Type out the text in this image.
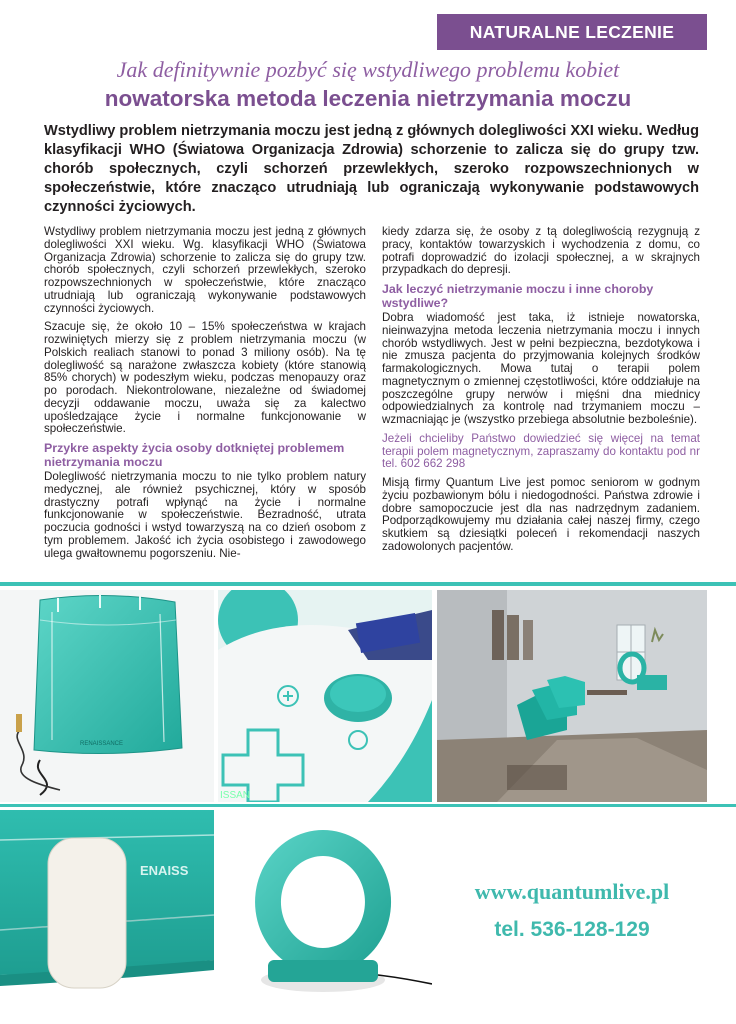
NATURALNE LECZENIE
Jak definitywnie pozbyć się wstydliwego problemu kobiet
nowatorska metoda leczenia nietrzymania moczu
Wstydliwy problem nietrzymania moczu jest jedną z głównych dolegliwości XXI wieku. Według klasyfikacji WHO (Światowa Organizacja Zdrowia) schorzenie to zalicza się do grupy tzw. chorób społecznych, czyli schorzeń przewlekłych, szeroko rozpowszechnionych w społeczeństwie, które znacząco utrudniają lub ograniczają wykonywanie podstawowych czynności życiowych.

Wstydliwy problem nietrzymania moczu jest jedną z głównych dolegliwości XXI wieku. Wg. klasyfikacji WHO (Światowa Organizacja Zdrowia) schorzenie to zalicza się do grupy tzw. chorób społecznych, czyli schorzeń przewlekłych, szeroko rozpowszechnionych w społeczeństwie, które znacząco utrudniają lub ograniczają wykonywanie podstawowych czynności życiowych.

Szacuje się, że około 10 – 15% społeczeństwa w krajach rozwiniętych mierzy się z problem nietrzymania moczu (w Polskich realiach stanowi to ponad 3 miliony osób). Na tę dolegliwość są narażone zwłaszcza kobiety (które stanowią 85% chorych) w podeszłym wieku, podczas menopauzy oraz po porodach. Niekontrolowane, niezależne od świadomej decyzji oddawanie moczu, uważa się za kalectwo upośledzające życie i normalne funkcjonowanie w społeczeństwie.

Przykre aspekty życia osoby dotkniętej problemem nietrzymania moczu

Dolegliwość nietrzymania moczu to nie tylko problem natury medycznej, ale również psychicznej, który w sposób drastyczny potrafi wpłynąć na życie i normalne funkcjonowanie w społeczeństwie. Bezradność, utrata poczucia godności i wstyd towarzyszą na co dzień osobom z tym problemem. Jakość ich życia osobistego i zawodowego ulega gwałtownemu pogorszeniu. Nie-

kiedy zdarza się, że osoby z tą dolegliwością rezygnują z pracy, kontaktów towarzyskich i wychodzenia z domu, co potrafi doprowadzić do izolacji społecznej, a w skrajnych przypadkach do depresji.

Jak leczyć nietrzymanie moczu i inne choroby wstydliwe?

Dobra wiadomość jest taka, iż istnieje nowatorska, nieinwazyjna metoda leczenia nietrzymania moczu i innych chorób wstydliwych. Jest w pełni bezpieczna, bezdotykowa i nie zmusza pacjenta do przyjmowania kolejnych środków farmakologicznych. Mowa tutaj o terapii polem magnetycznym o zmiennej częstotliwości, które oddziałuje na poszczególne grupy nerwów i mięśni dna miednicy odpowiedzialnych za kontrolę nad trzymaniem moczu – wzmacniając je (wszystko przebiega absolutnie bezboleśnie).

Jeżeli chcieliby Państwo dowiedzieć się więcej na temat terapii polem magnetycznym, zapraszamy do kontaktu pod nr tel. 602 662 298

Misją firmy Quantum Live jest pomoc seniorom w godnym życiu pozbawionym bólu i niedogodności. Państwa zdrowie i dobre samopoczucie jest dla nas nadrzędnym zadaniem. Podporządkowujemy mu działania całej naszej firmy, czego skutkiem są dziesiątki poleceń i rekomendacji naszych zadowolonych pacjentów.

RENAISSANCE
ISSAN
ENAISS
www.quantumlive.pl
tel. 536-128-129
